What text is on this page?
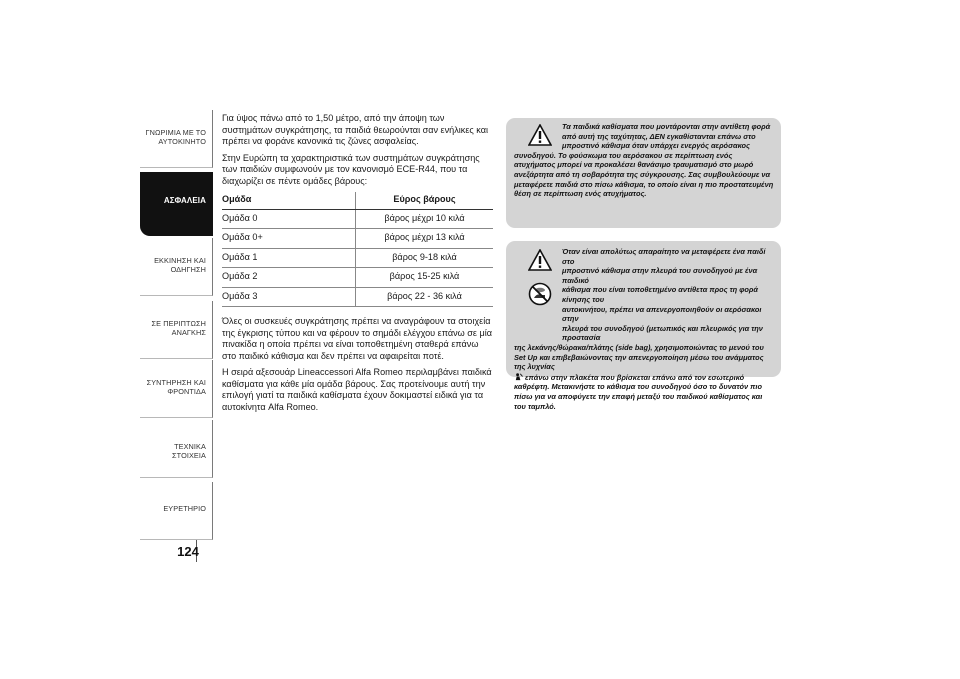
ΓΝΩΡΙΜΙΑ ΜΕ ΤΟ
ΑΥΤΟΚΙΝΗΤΟ
ΑΣΦΑΛΕΙΑ
ΕΚΚΙΝΗΣΗ ΚΑΙ
ΟΔΗΓΗΣΗ
ΣΕ ΠΕΡΙΠΤΩΣΗ
ΑΝΑΓΚΗΣ
ΣΥΝΤΗΡΗΣΗ ΚΑΙ
ΦΡΟΝΤΙΔΑ
ΤΕΧΝΙΚΑ ΣΤΟΙΧΕΙΑ
ΕΥΡΕΤΗΡΙΟ
124

Για ύψος πάνω από το 1,50 μέτρο, από την άποψη των συστημάτων συγκράτησης, τα παιδιά θεωρούνται σαν ενήλικες και πρέπει να φοράνε κανονικά τις ζώνες ασφαλείας.

Στην Ευρώπη τα χαρακτηριστικά των συστημάτων συγκράτησης των παιδιών συμφωνούν με τον κανονισμό ECE-R44, που τα διαχωρίζει σε πέντε ομάδες βάρους:

Ομάδα	Εύρος βάρους
Ομάδα 0	βάρος μέχρι 10 κιλά
Ομάδα 0+	βάρος μέχρι 13 κιλά
Ομάδα 1	βάρος 9-18 κιλά
Ομάδα 2	βάρος 15-25 κιλά
Ομάδα 3	βάρος 22 - 36 κιλά

Όλες οι συσκευές συγκράτησης πρέπει να αναγράφουν τα στοιχεία της έγκρισης τύπου και να φέρουν το σημάδι ελέγχου επάνω σε μία πινακίδα η οποία πρέπει να είναι τοποθετημένη σταθερά επάνω στο παιδικό κάθισμα και δεν πρέπει να αφαιρείται ποτέ.

Η σειρά αξεσουάρ Lineaccessori Alfa Romeo περιλαμβάνει παιδικά καθίσματα για κάθε μία ομάδα βάρους. Σας προτείνουμε αυτή την επιλογή γιατί τα παιδικά καθίσματα έχουν δοκιμαστεί ειδικά για τα αυτοκίνητα Alfa Romeo.

Τα παιδικά καθίσματα που μοντάρονται στην αντίθετη φορά
από αυτή της ταχύτητας, ΔΕΝ εγκαθίστανται επάνω στο
μπροστινό κάθισμα όταν υπάρχει ενεργός αερόσακος
συνοδηγού. Το φούσκωμα του αερόσακου σε περίπτωση ενός ατυχήματος μπορεί να προκαλέσει θανάσιμο τραυματισμό στο μωρό ανεξάρτητα από τη σοβαρότητα της σύγκρουσης. Σας συμβουλεύουμε να μεταφέρετε παιδιά στο πίσω κάθισμα, το οποίο είναι η πιο προστατευμένη θέση σε περίπτωση ενός ατυχήματος.

Όταν είναι απολύτως απαραίτητο να μεταφέρετε ένα παιδί στο
μπροστινό κάθισμα στην πλευρά του συνοδηγού με ένα παιδικό
κάθισμα που είναι τοποθετημένο αντίθετα προς τη φορά κίνησης του
αυτοκινήτου, πρέπει να απενεργοποιηθούν οι αερόσακοι στην
πλευρά του συνοδηγού (μετωπικός και πλευρικός για την προστασία
της λεκάνης/θώρακα/πλάτης (side bag), χρησιμοποιώντας το μενού του Set Up και επιβεβαιώνοντας την απενεργοποίηση μέσω του ανάμματος της λυχνίας
επάνω στην πλακέτα που βρίσκεται επάνω από τον εσωτερικό καθρέφτη. Μετακινήστε το κάθισμα του συνοδηγού όσο το δυνατόν πιο πίσω για να αποφύγετε την επαφή μεταξύ του παιδικού καθίσματος και του ταμπλό.
